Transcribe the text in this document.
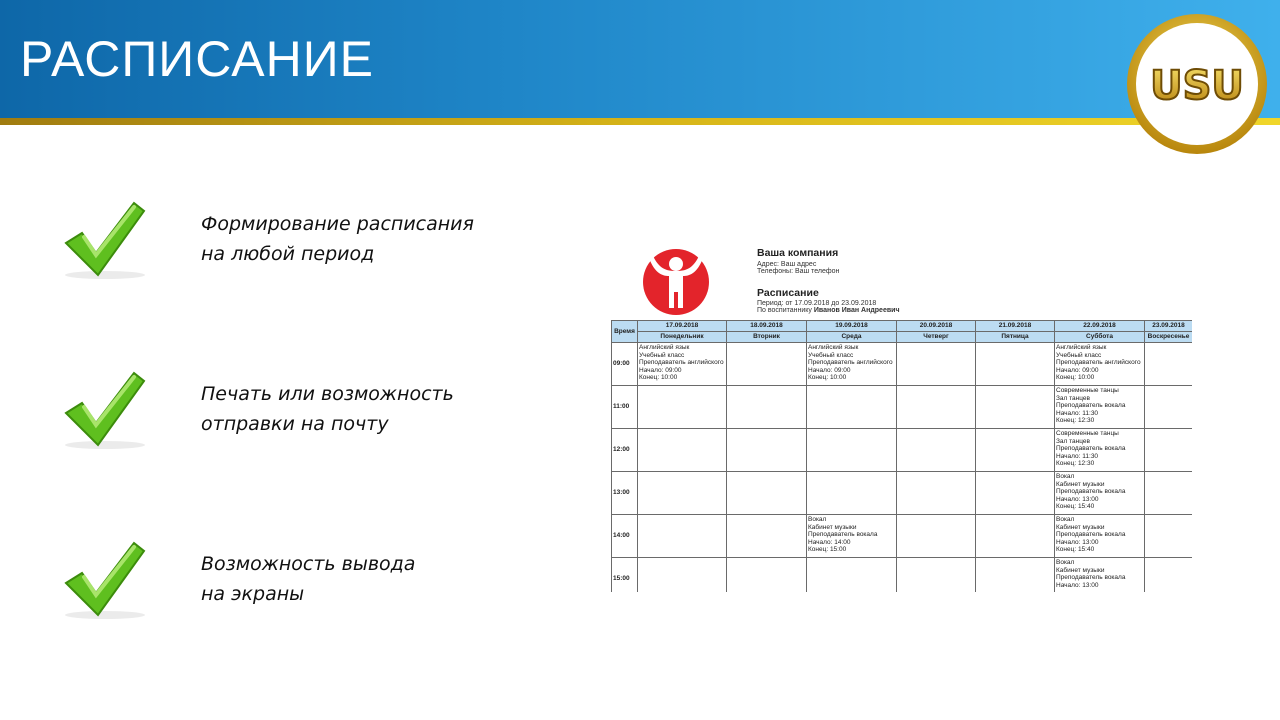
РАСПИСАНИЕ	USU
Формирование расписания
на любой период
Печать или возможность
отправки на почту
Возможность вывода
на экраны
Ваша компания
Адрес: Ваш адрес
Телефоны: Ваш телефон
Расписание
Период: от 17.09.2018 до 23.09.2018
По воспитаннику Иванов Иван Андреевич
Время	17.09.2018	18.09.2018	19.09.2018	20.09.2018	21.09.2018	22.09.2018	23.09.2018
	Понедельник	Вторник	Среда	Четверг	Пятница	Суббота	Воскресенье
09:00	Английский язык
Учебный класс
Преподаватель английского
Начало: 09:00
Конец: 10:00		Английский язык
Учебный класс
Преподаватель английского
Начало: 09:00
Конец: 10:00			Английский язык
Учебный класс
Преподаватель английского
Начало: 09:00
Конец: 10:00	

11:00						Современные танцы
Зал танцев
Преподаватель вокала
Начало: 11:30
Конец: 12:30	

12:00						Современные танцы
Зал танцев
Преподаватель вокала
Начало: 11:30
Конец: 12:30	

13:00						Вокал
Кабинет музыки
Преподаватель вокала
Начало: 13:00
Конец: 15:40	

14:00			Вокал
Кабинет музыки
Преподаватель вокала
Начало: 14:00
Конец: 15:00			Вокал
Кабинет музыки
Преподаватель вокала
Начало: 13:00
Конец: 15:40	

15:00						Вокал
Кабинет музыки
Преподаватель вокала
Начало: 13:00	
